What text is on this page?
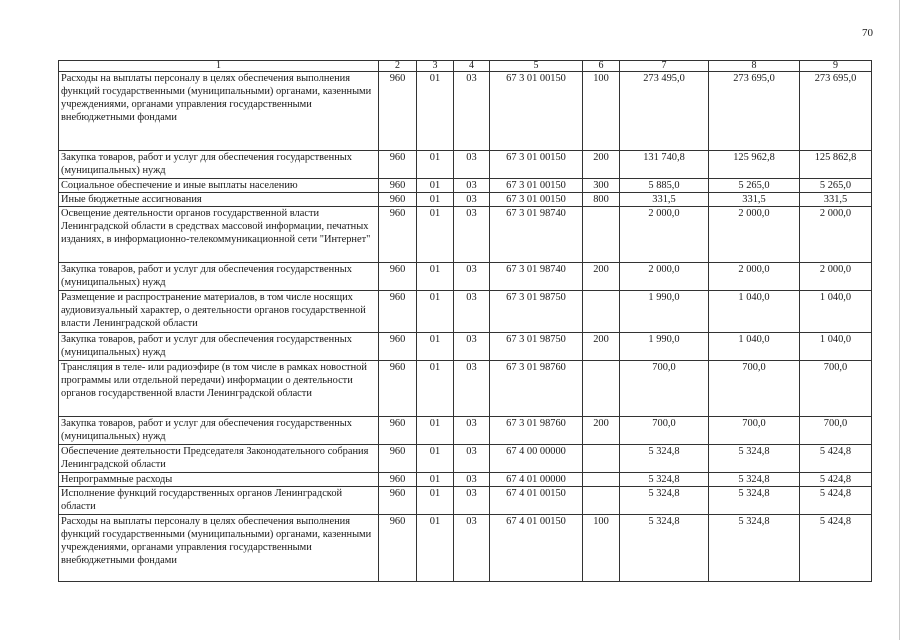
70
1	2	3	4	5	6	7	8	9
Расходы на выплаты персоналу в целях обеспечения выполнения функций государственными (муниципальными) органами, казенными учреждениями, органами управления государственными внебюджетными фондами	960	01	03	67 3 01 00150	100	273 495,0	273 695,0	273 695,0
Закупка товаров, работ и услуг для обеспечения государственных (муниципальных) нужд	960	01	03	67 3 01 00150	200	131 740,8	125 962,8	125 862,8
Социальное обеспечение и иные выплаты населению	960	01	03	67 3 01 00150	300	5 885,0	5 265,0	5 265,0
Иные бюджетные ассигнования	960	01	03	67 3 01 00150	800	331,5	331,5	331,5
Освещение деятельности органов государственной власти Ленинградской области в средствах массовой информации, печатных изданиях, в информационно-телекоммуникационной сети "Интернет"	960	01	03	67 3 01 98740		2 000,0	2 000,0	2 000,0
Закупка товаров, работ и услуг для обеспечения государственных (муниципальных) нужд	960	01	03	67 3 01 98740	200	2 000,0	2 000,0	2 000,0
Размещение и распространение материалов, в том числе носящих аудиовизуальный характер, о деятельности органов государственной власти Ленинградской области	960	01	03	67 3 01 98750		1 990,0	1 040,0	1 040,0
Закупка товаров, работ и услуг для обеспечения государственных (муниципальных) нужд	960	01	03	67 3 01 98750	200	1 990,0	1 040,0	1 040,0
Трансляция в теле- или радиоэфире (в том числе в рамках новостной программы или отдельной передачи) информации о деятельности органов государственной власти Ленинградской области	960	01	03	67 3 01 98760		700,0	700,0	700,0
Закупка товаров, работ и услуг для обеспечения государственных (муниципальных) нужд	960	01	03	67 3 01 98760	200	700,0	700,0	700,0
Обеспечение деятельности Председателя Законодательного собрания Ленинградской области	960	01	03	67 4 00 00000		5 324,8	5 324,8	5 424,8
Непрограммные расходы	960	01	03	67 4 01 00000		5 324,8	5 324,8	5 424,8
Исполнение функций государственных органов Ленинградской области	960	01	03	67 4 01 00150		5 324,8	5 324,8	5 424,8
Расходы на выплаты персоналу в целях обеспечения выполнения функций государственными (муниципальными) органами, казенными учреждениями, органами управления государственными внебюджетными фондами	960	01	03	67 4 01 00150	100	5 324,8	5 324,8	5 424,8
